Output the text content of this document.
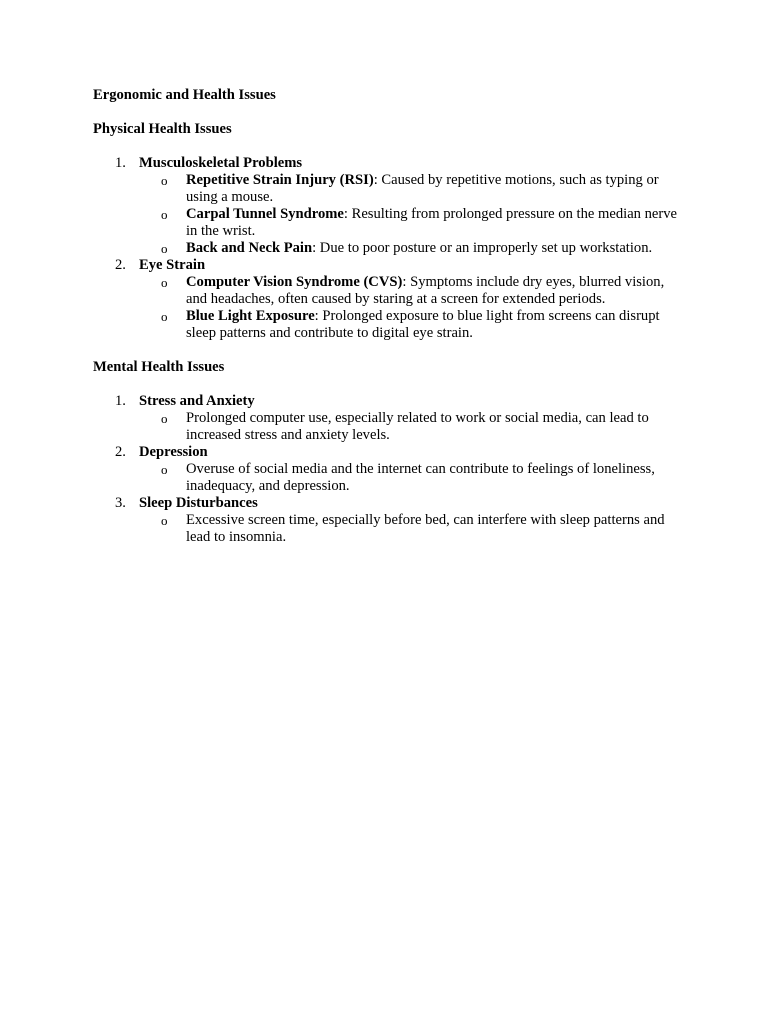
Ergonomic and Health Issues

Physical Health Issues

1. Musculoskeletal Problems
o Repetitive Strain Injury (RSI): Caused by repetitive motions, such as typing or using a mouse.
o Carpal Tunnel Syndrome: Resulting from prolonged pressure on the median nerve in the wrist.
o Back and Neck Pain: Due to poor posture or an improperly set up workstation.
2. Eye Strain
o Computer Vision Syndrome (CVS): Symptoms include dry eyes, blurred vision, and headaches, often caused by staring at a screen for extended periods.
o Blue Light Exposure: Prolonged exposure to blue light from screens can disrupt sleep patterns and contribute to digital eye strain.

Mental Health Issues

1. Stress and Anxiety
o Prolonged computer use, especially related to work or social media, can lead to increased stress and anxiety levels.
2. Depression
o Overuse of social media and the internet can contribute to feelings of loneliness, inadequacy, and depression.
3. Sleep Disturbances
o Excessive screen time, especially before bed, can interfere with sleep patterns and lead to insomnia.
